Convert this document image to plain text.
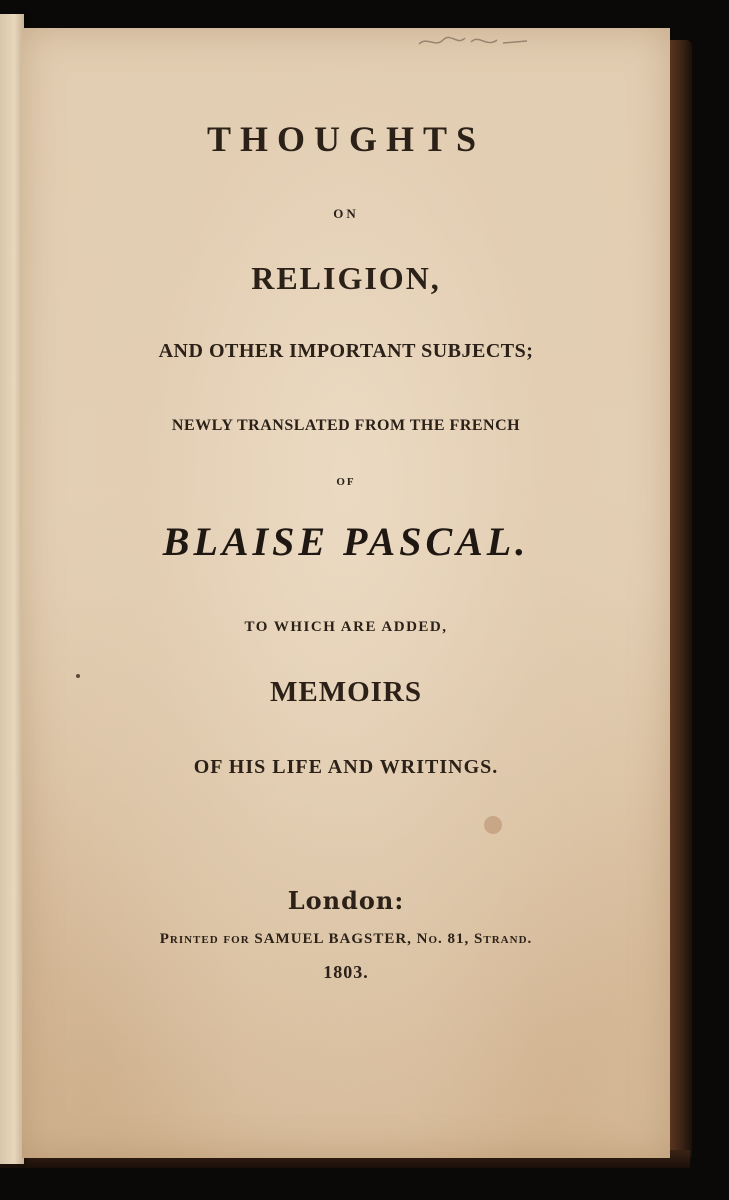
THOUGHTS
ON
RELIGION,
AND OTHER IMPORTANT SUBJECTS;
NEWLY TRANSLATED FROM THE FRENCH
OF
BLAISE PASCAL.
TO WHICH ARE ADDED,
MEMOIRS
OF HIS LIFE AND WRITINGS.
London:
Printed for SAMUEL BAGSTER, No. 81, Strand.
1803.
